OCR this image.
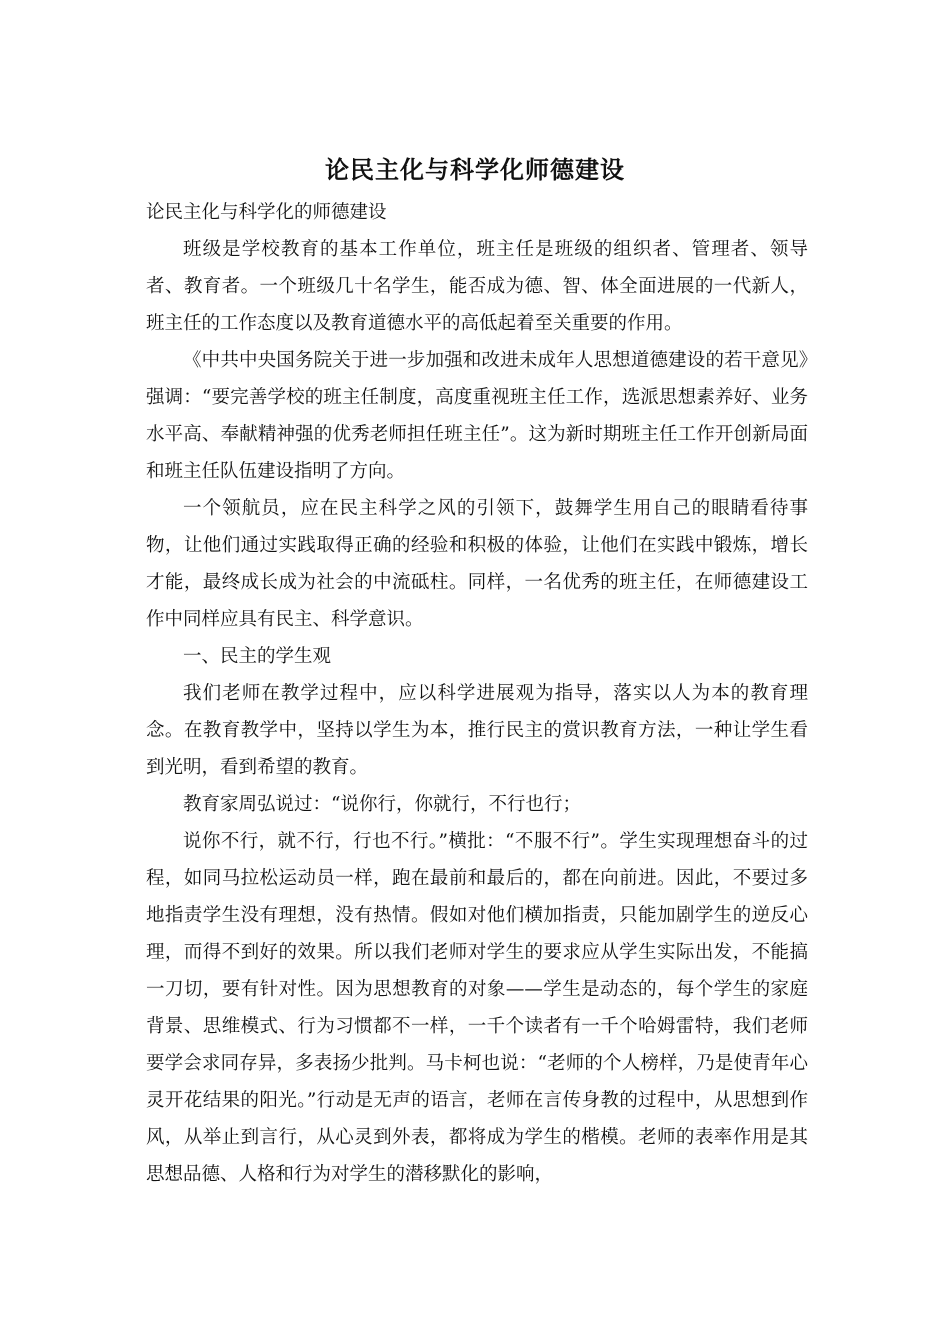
论民主化与科学化师德建设

论民主化与科学化的师德建设

班级是学校教育的基本工作单位，班主任是班级的组织者、管理者、领导者、教育者。一个班级几十名学生，能否成为德、智、体全面进展的一代新人，班主任的工作态度以及教育道德水平的高低起着至关重要的作用。

《中共中央国务院关于进一步加强和改进未成年人思想道德建设的若干意见》强调：“要完善学校的班主任制度，高度重视班主任工作，选派思想素养好、业务水平高、奉献精神强的优秀老师担任班主任”。这为新时期班主任工作开创新局面和班主任队伍建设指明了方向。

一个领航员，应在民主科学之风的引领下，鼓舞学生用自己的眼睛看待事物，让他们通过实践取得正确的经验和积极的体验，让他们在实践中锻炼，增长才能，最终成长成为社会的中流砥柱。同样，一名优秀的班主任，在师德建设工作中同样应具有民主、科学意识。

一、民主的学生观

我们老师在教学过程中，应以科学进展观为指导，落实以人为本的教育理念。在教育教学中，坚持以学生为本，推行民主的赏识教育方法，一种让学生看到光明，看到希望的教育。

教育家周弘说过：“说你行，你就行，不行也行；

说你不行，就不行，行也不行。”横批：“不服不行”。学生实现理想奋斗的过程，如同马拉松运动员一样，跑在最前和最后的，都在向前进。因此，不要过多地指责学生没有理想，没有热情。假如对他们横加指责，只能加剧学生的逆反心理，而得不到好的效果。所以我们老师对学生的要求应从学生实际出发，不能搞一刀切，要有针对性。因为思想教育的对象——学生是动态的，每个学生的家庭背景、思维模式、行为习惯都不一样，一千个读者有一千个哈姆雷特，我们老师要学会求同存异，多表扬少批判。马卡柯也说：“老师的个人榜样，乃是使青年心灵开花结果的阳光。”行动是无声的语言，老师在言传身教的过程中，从思想到作风，从举止到言行，从心灵到外表，都将成为学生的楷模。老师的表率作用是其思想品德、人格和行为对学生的潜移默化的影响，
